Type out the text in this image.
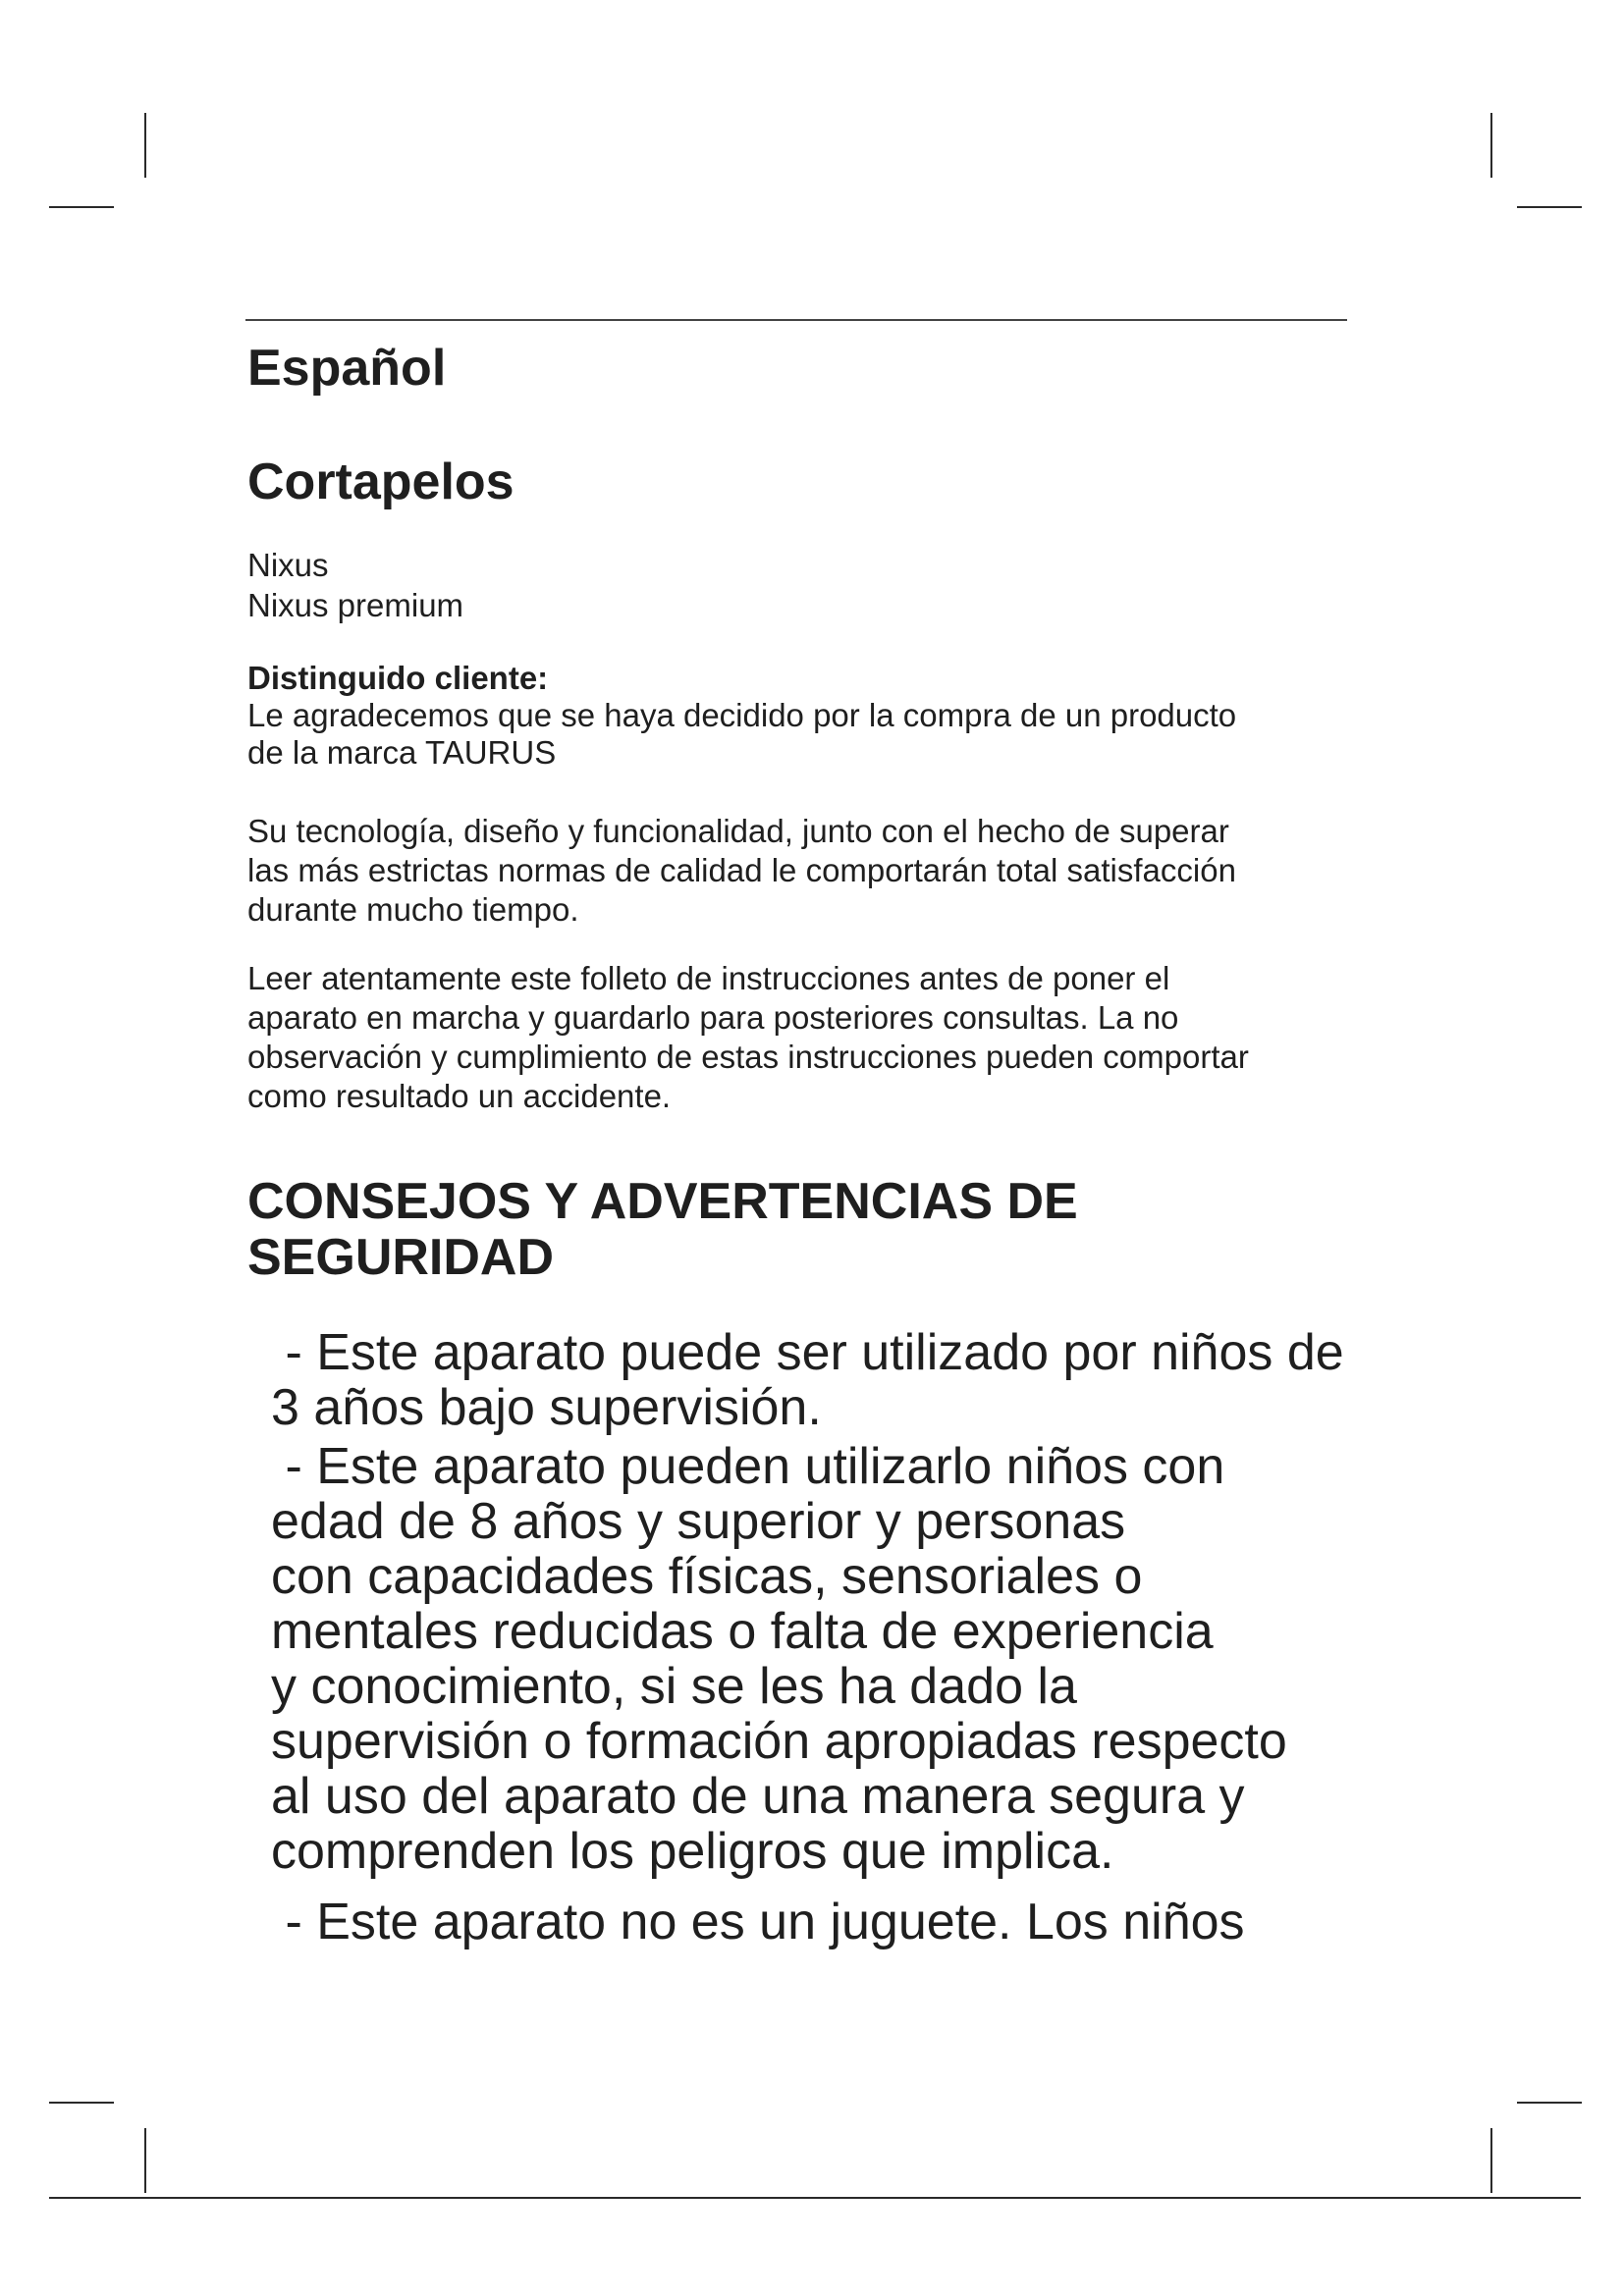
Español
Cortapelos
Nixus
Nixus premium
Distinguido cliente:
Le agradecemos que se haya decidido por la compra de un producto
de la marca TAURUS
Su tecnología, diseño y funcionalidad, junto con el hecho de superar
las más estrictas normas de calidad le comportarán total satisfacción
durante mucho tiempo.
Leer atentamente este folleto de instrucciones antes de poner el
aparato en marcha y guardarlo para posteriores consultas. La no
observación y cumplimiento de estas instrucciones pueden comportar
como resultado un accidente.
CONSEJOS Y ADVERTENCIAS DE
SEGURIDAD
- Este aparato puede ser utilizado por niños de
3 años bajo supervisión.
- Este aparato pueden utilizarlo niños con
edad de 8 años y superior y personas
con capacidades físicas, sensoriales o
mentales reducidas o falta de experiencia
y conocimiento, si se les ha dado la
supervisión o formación apropiadas respecto
al uso del aparato de una manera segura y
comprenden los peligros que implica.
- Este aparato no es un juguete. Los niños
